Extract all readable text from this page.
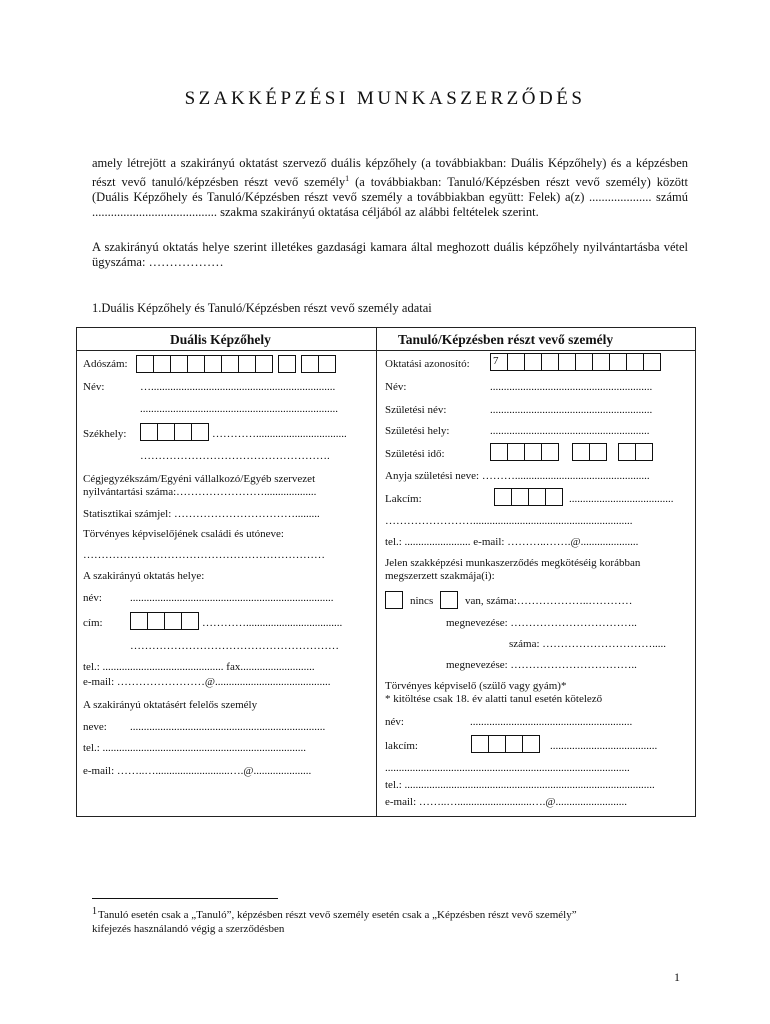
SZAKKÉPZÉSI MUNKASZERZŐDÉS
amely létrejött a szakirányú oktatást szervező duális képzőhely (a továbbiakban: Duális Képzőhely) és a képzésben részt vevő tanuló/képzésben részt vevő személy$^1$ (a továbbiakban: Tanuló/Képzésben részt vevő személy) között (Duális Képzőhely és Tanuló/Képzésben részt vevő személy a továbbiakban együtt: Felek) a(z) .................... számú ........................................ szakma szakirányú oktatása céljából az alábbi feltételek szerint.
A szakirányú oktatás helye szerint illetékes gazdasági kamara által meghozott duális képzőhely nyilvántartásba vétel ügyszáma: ………………
1.Duális Képzőhely és Tanuló/Képzésben részt vevő személy adatai
Duális Képzőhely
Adószám:
Név:	…...................................................................
........................................................................
Székhely:	………….................................
…………………………………………….
Cégjegyzékszám/Egyéni vállalkozó/Egyéb szervezet
nyilvántartási száma:……………………...................
Statisztikai számjel: …………………………….........
Törvényes képviselőjének családi és utóneve:
…………………………………………………………
A szakirányú oktatás helye:
név:	..........................................................................
cím:	…………...................................
…………………………………………………
tel.: ............................................ fax...........................
e-mail: ……………………@..........................................
A szakirányú oktatásért felelős személy
neve: .......................................................................
tel.: ..........................................................................
e-mail: ……..…...........................….@.....................
Tanuló/Képzésben részt vevő személy
Oktatási azonosító: 7
Név:	...........................................................
Születési név:	...........................................................
Születési hely:	..........................................................
Születési idő:
Anyja születési neve: ……….................................................
Lakcím:	......................................
……………………..........................................................
tel.: ........................ e-mail: ………..…….@.....................
Jelen szakképzési munkaszerződés megkötéséig korábban
megszerzett szakmája(i):
nincs	van, száma:………………..…………
megnevezése: ……………………………..
száma: ………………………….....
megnevezése: ……………………………..
Törvényes képviselő (szülő vagy gyám)*
* kitöltése csak 18. év alatti tanul esetén kötelező
név:	...........................................................
lakcím:	.......................................
.........................................................................................
tel.: ...........................................................................................
e-mail: ……..…...........................….@..........................
1 Tanuló esetén csak a „Tanuló”, képzésben részt vevő személy esetén csak a „Képzésben részt vevő személy”
kifejezés használandó végig a szerződésben
1
